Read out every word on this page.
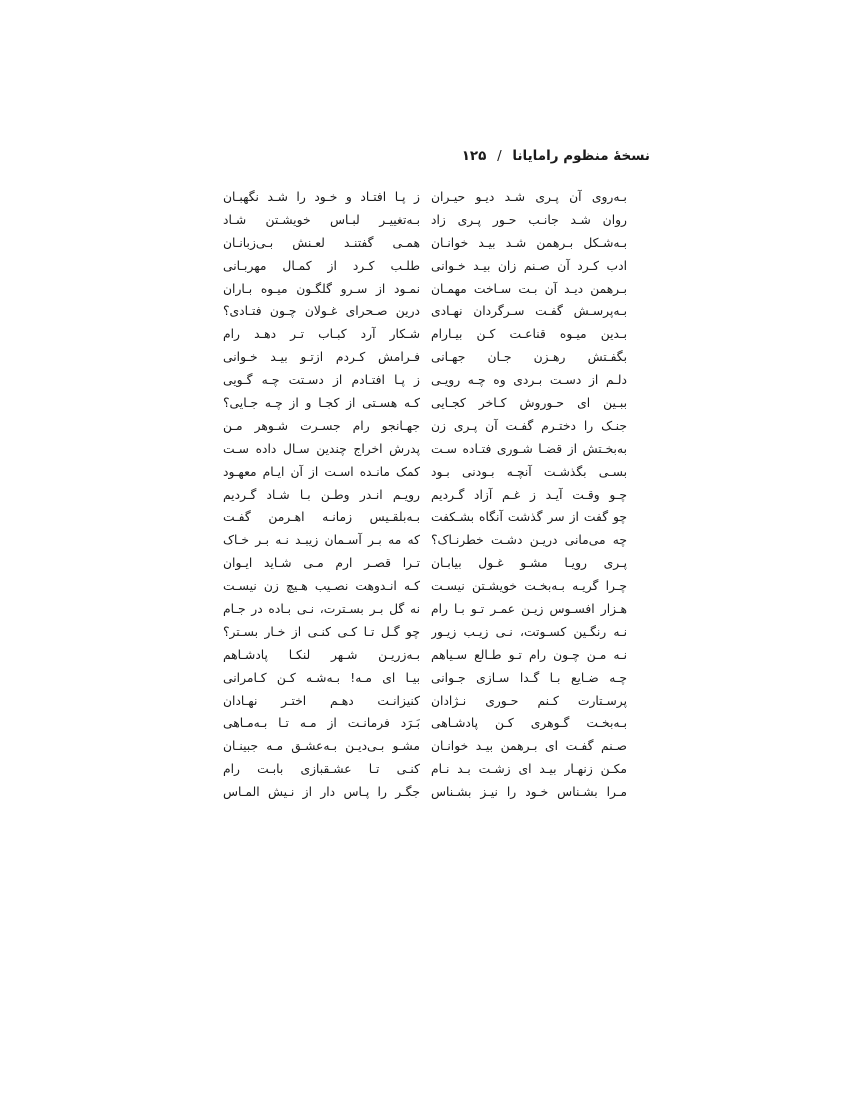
نسخهٔ منظوم رامایانا / ۱۲۵
بـه‌روی آن پـری شـد دیـو حیـران
روان شـد جانـب حـور پـری زاد
بـه‌شـکل بـرهمن شـد بیـد خوانـان
ادب کـرد آن صـنم زان بیـد خـوانی
بـرهمن دیـد آن بـت سـاخت مهمـان
بـه‌پرسـش گفـت سـرگردان نهـادی
بـدین میـوه قناعـت کـن بیـارام
بگفـتش رهـزن جـان جهـانی
دلـم از دسـت بـردی وه چـه رویـی
ببـین ای حـوروش کـاخر کجـایی
جنـک را دختـرم گفـت آن پـری زن
به‌بخـتش از قضـا شـوری فتـاده سـت
بسـی بگذشـت آنچـه بـودنی بـود
چـو وقـت آیـد ز غـم آزاد گـردیم
چو گفت از سر گذشت آنگاه بشـکفت
چه می‌مانی دریـن دشـت خطرنـاک؟
پـری رویـا مشـو غـول بیابـان
چـرا گریـه بـه‌بخـت خویشـتن نیسـت
هـزار افسـوس زیـن عمـر تـو بـا رام
نـه رنگـین کسـوتت، نـی زیـب زیـور
نـه مـن چـون رام تـو طـالع سـیاهم
چـه ضـایع بـا گـدا سـازی جـوانی
پرسـتارت کـنم حـوری نـژادان
بـه‌بخـت گـوهری کـن پادشـاهی
صـنم گفـت ای بـرهمن بیـد خوانـان
مکـن زنهـار بیـد ای زشـت بـد نـام
مـرا بشـناس خـود را نیـز بشـناس
ز پـا افتـاد و خـود را شـد نگهبـان
بـه‌تغییـر لبـاس خویشـتن شـاد
همـی گفتنـد لعـنش بـی‌زبانـان
طلـب کـرد از کمـال مهربـانی
نمـود از سـرو گلگـون میـوه بـاران
درین صـحرای غـولان چـون فتـادی؟
شـکار آرد کبـاب تـر دهـد رام
فـرامش کـردم ازتـو بیـد خـوانی
ز پـا افتـادم از دسـتت چـه گـویی
کـه هسـتی از کجـا و از چـه جـایی؟
جهـانجو رام جسـرت شـوهر مـن
پدرش اخراج چندین سـال داده سـت
کمک مانـده اسـت از آن ایـام معهـود
رویـم انـدر وطـن بـا شـاد گـردیم
بـه‌بلقـیس زمانـه اهـرمن گفـت
که مه بـر آسـمان زیبـد نـه بـر خـاک
تـرا قصـر ارم مـی شـاید ایـوان
کـه انـدوهت نصـیب هـیچ زن نیسـت
نه گل بـر بسـترت، نـی بـاده در جـام
چو گـل تـا کـی کنـی از خـار بسـتر؟
بـه‌زریـن شـهر لنکـا پادشـاهم
بیـا ای مـه! بـه‌شـه کـن کـامرانی
کنیزانـت دهـم اختـر نهـادان
بَـرَد فرمانـت از مـه تـا بـه‌مـاهی
مشـو بـی‌دیـن بـه‌عشـق مـه جبینـان
کنـی تـا عشـقبازی بابـت رام
جگـر را پـاس دار از نـیش المـاس
